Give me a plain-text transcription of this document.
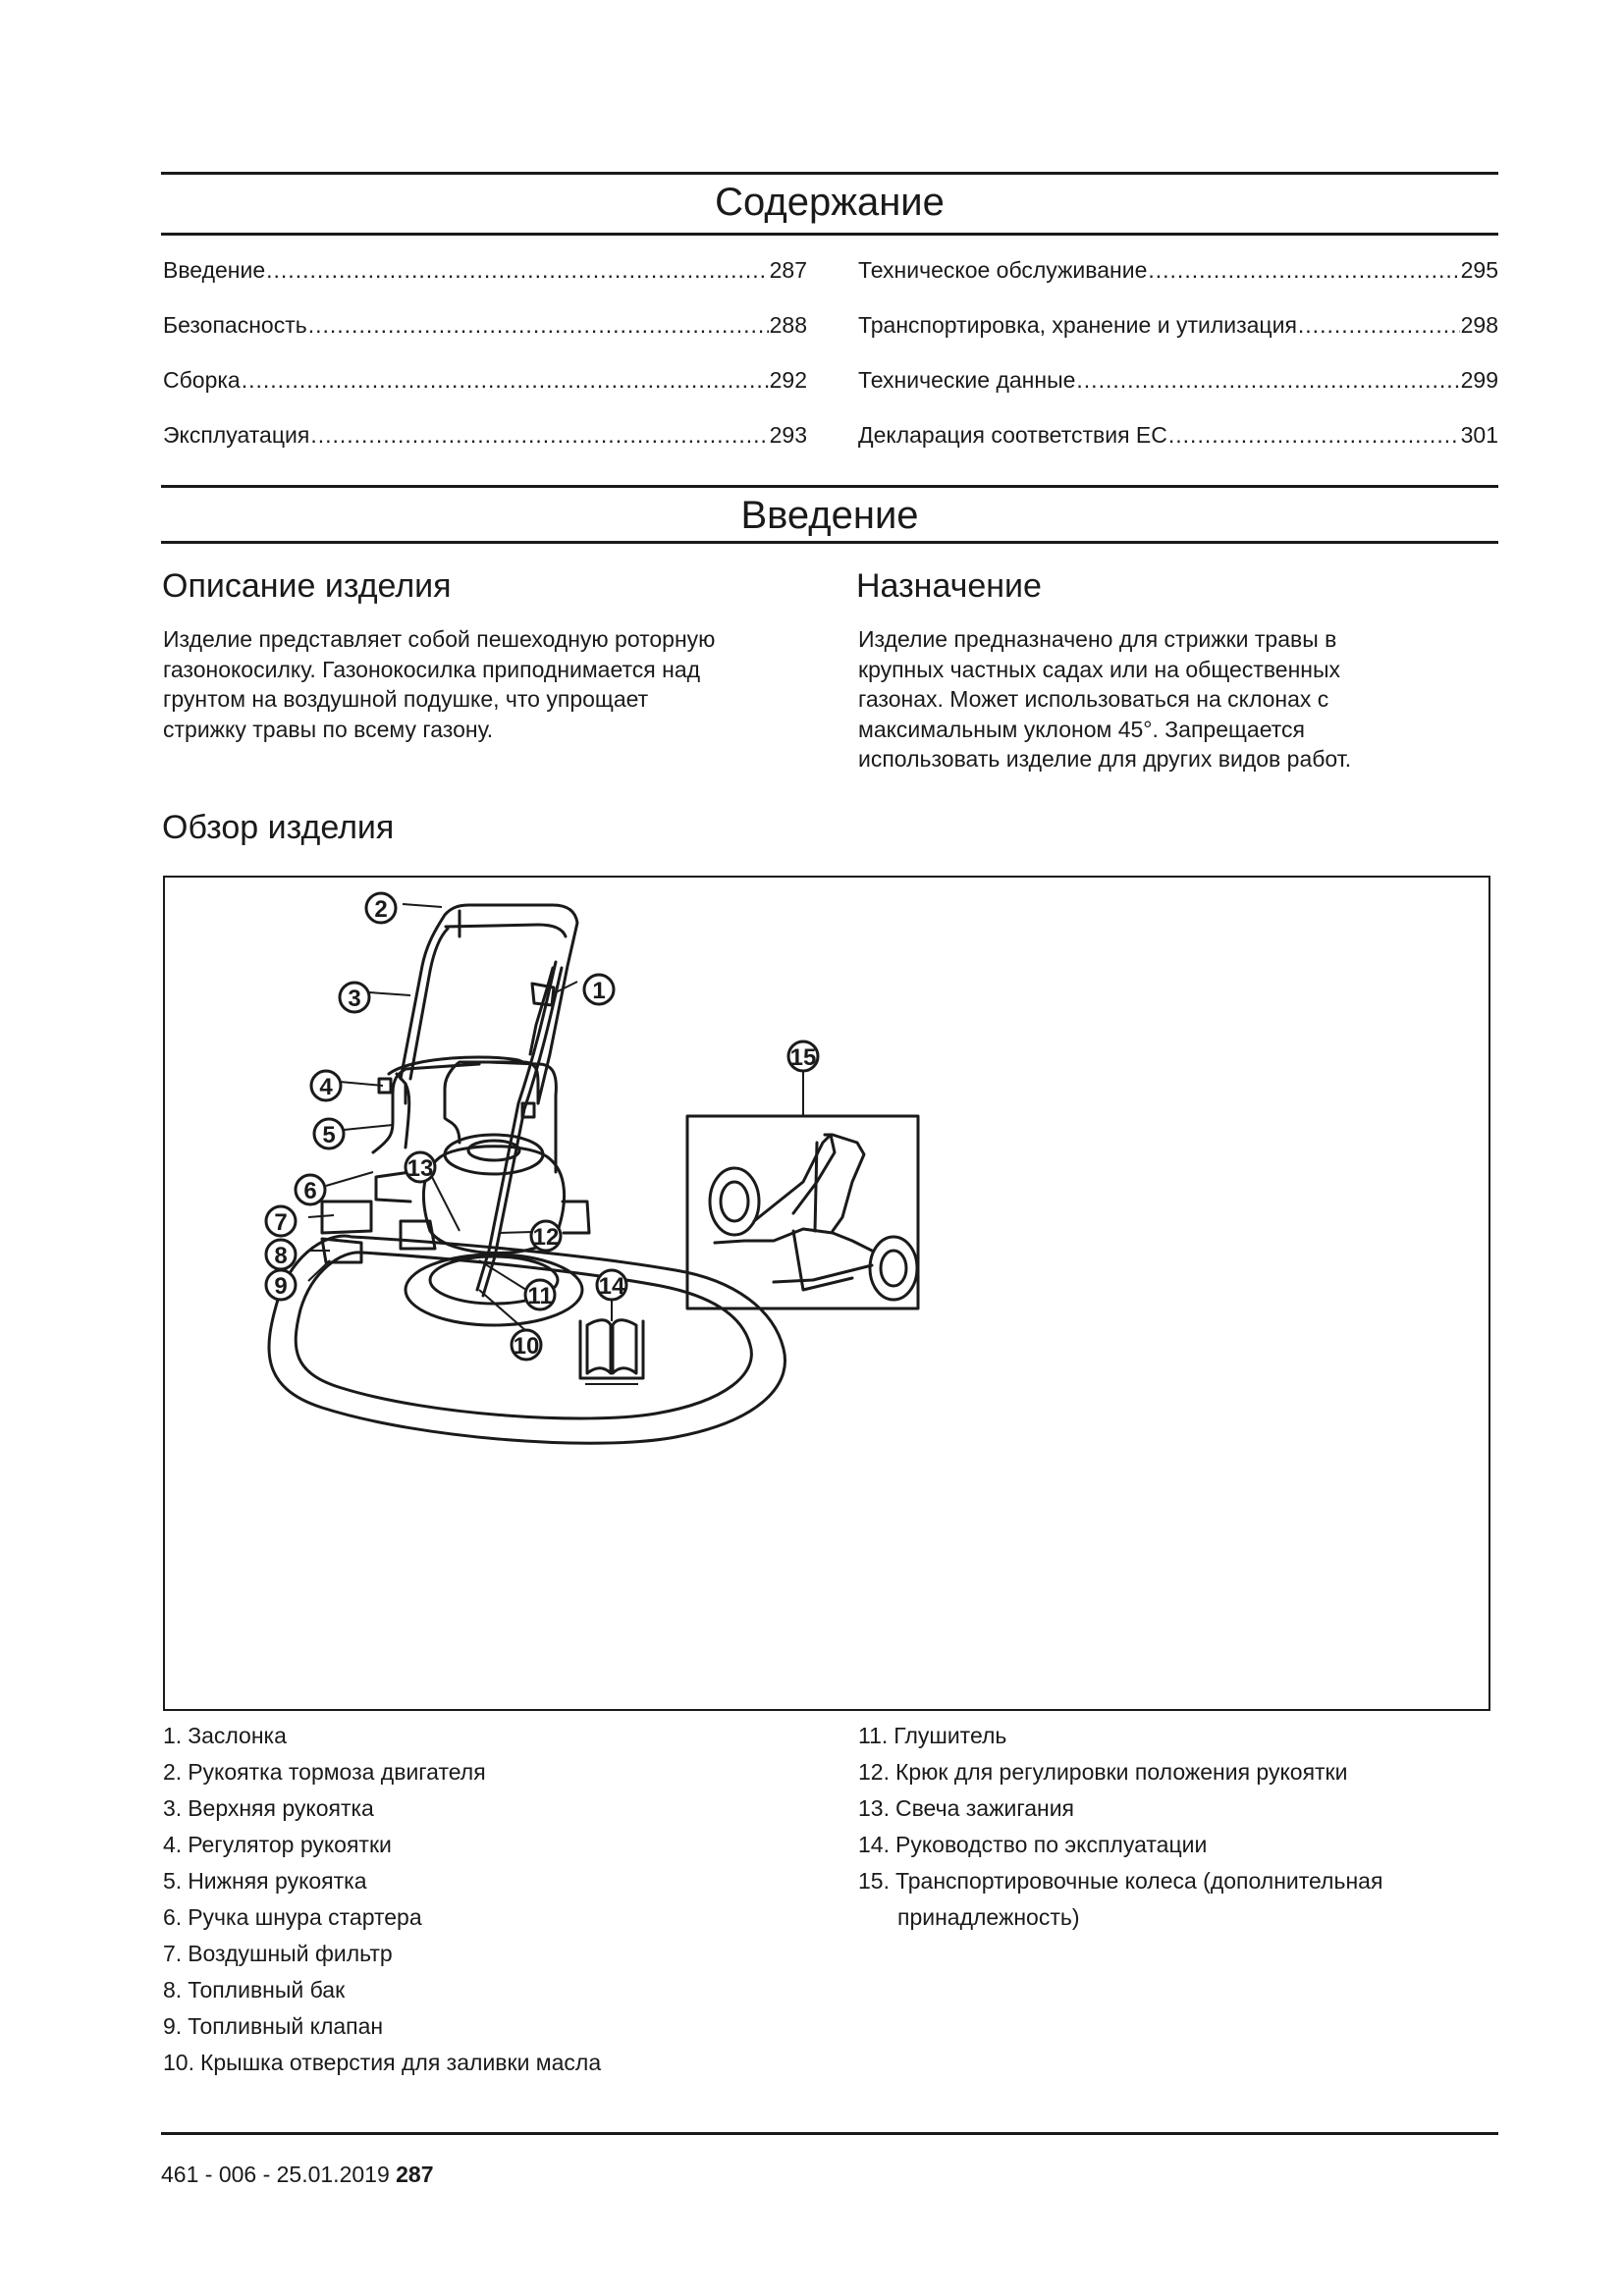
Содержание
Введение .....	287
Безопасность .....	288
Сборка .....	292
Эксплуатация .....	293
Техническое обслуживание .....	295
Транспортировка, хранение и утилизация .....	298
Технические данные .....	299
Декларация соответствия ЕС .....	301
Введение
Описание изделия
Изделие представляет собой пешеходную роторную
газонокосилку. Газонокосилка приподнимается над
грунтом на воздушной подушке, что упрощает
стрижку травы по всему газону.
Назначение
Изделие предназначено для стрижки травы в
крупных частных садах или на общественных
газонах. Может использоваться на склонах с
максимальным уклоном 45°. Запрещается
использовать изделие для других видов работ.
Обзор изделия
1
2
3
4
5
6
7
8
9
10
11
12
13
14
15
1. Заслонка
2. Рукоятка тормоза двигателя
3. Верхняя рукоятка
4. Регулятор рукоятки
5. Нижняя рукоятка
6. Ручка шнура стартера
7. Воздушный фильтр
8. Топливный бак
9. Топливный клапан
10. Крышка отверстия для заливки масла
11. Глушитель
12. Крюк для регулировки положения рукоятки
13. Свеча зажигания
14. Руководство по эксплуатации
15. Транспортировочные колеса (дополнительная
принадлежность)
461 - 006 - 25.01.2019 287
